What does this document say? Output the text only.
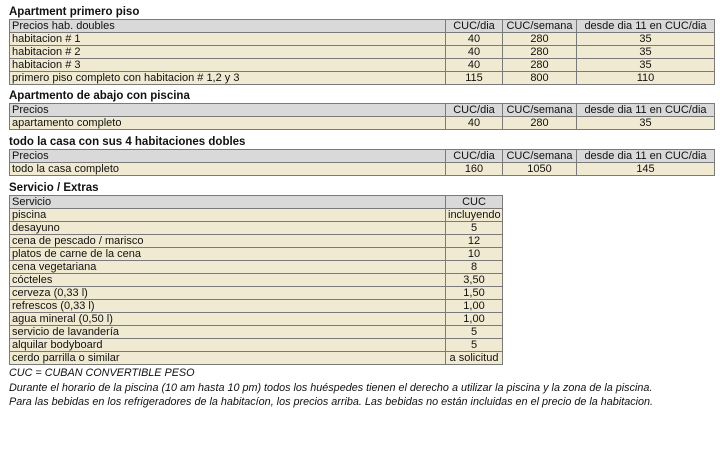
Apartment primero piso
Precios hab. doubles	CUC/dia	CUC/semana	desde dia 11 en CUC/dia
habitacion # 1	40	280	35
habitacion # 2	40	280	35
habitacion # 3	40	280	35
primero piso completo con habitacion # 1,2 y 3	115	800	110
Apartmento de abajo con piscina
Precios	CUC/dia	CUC/semana	desde dia 11 en CUC/dia
apartamento completo	40	280	35
todo la casa con sus 4 habitaciones dobles
Precios	CUC/dia	CUC/semana	desde dia 11 en CUC/dia
todo la casa completo	160	1050	145
Servicio / Extras
Servicio	CUC
piscina	incluyendo
desayuno	5
cena de pescado / marisco	12
platos de carne de la cena	10
cena vegetariana	8
cócteles	3,50
cerveza (0,33 l)	1,50
refrescos (0,33 l)	1,00
agua mineral (0,50 l)	1,00
servicio de lavandería	5
alquilar bodyboard	5
cerdo parrilla o similar	a solicitud
CUC = CUBAN CONVERTIBLE PESO
Durante el horario de la piscina (10 am hasta 10 pm) todos los huéspedes tienen el derecho a utilizar la piscina y la zona de la piscina.
Para las bebidas en los refrigeradores de la habitacíon, los precios arriba. Las bebidas no están incluidas en el precio de la habitacion.
